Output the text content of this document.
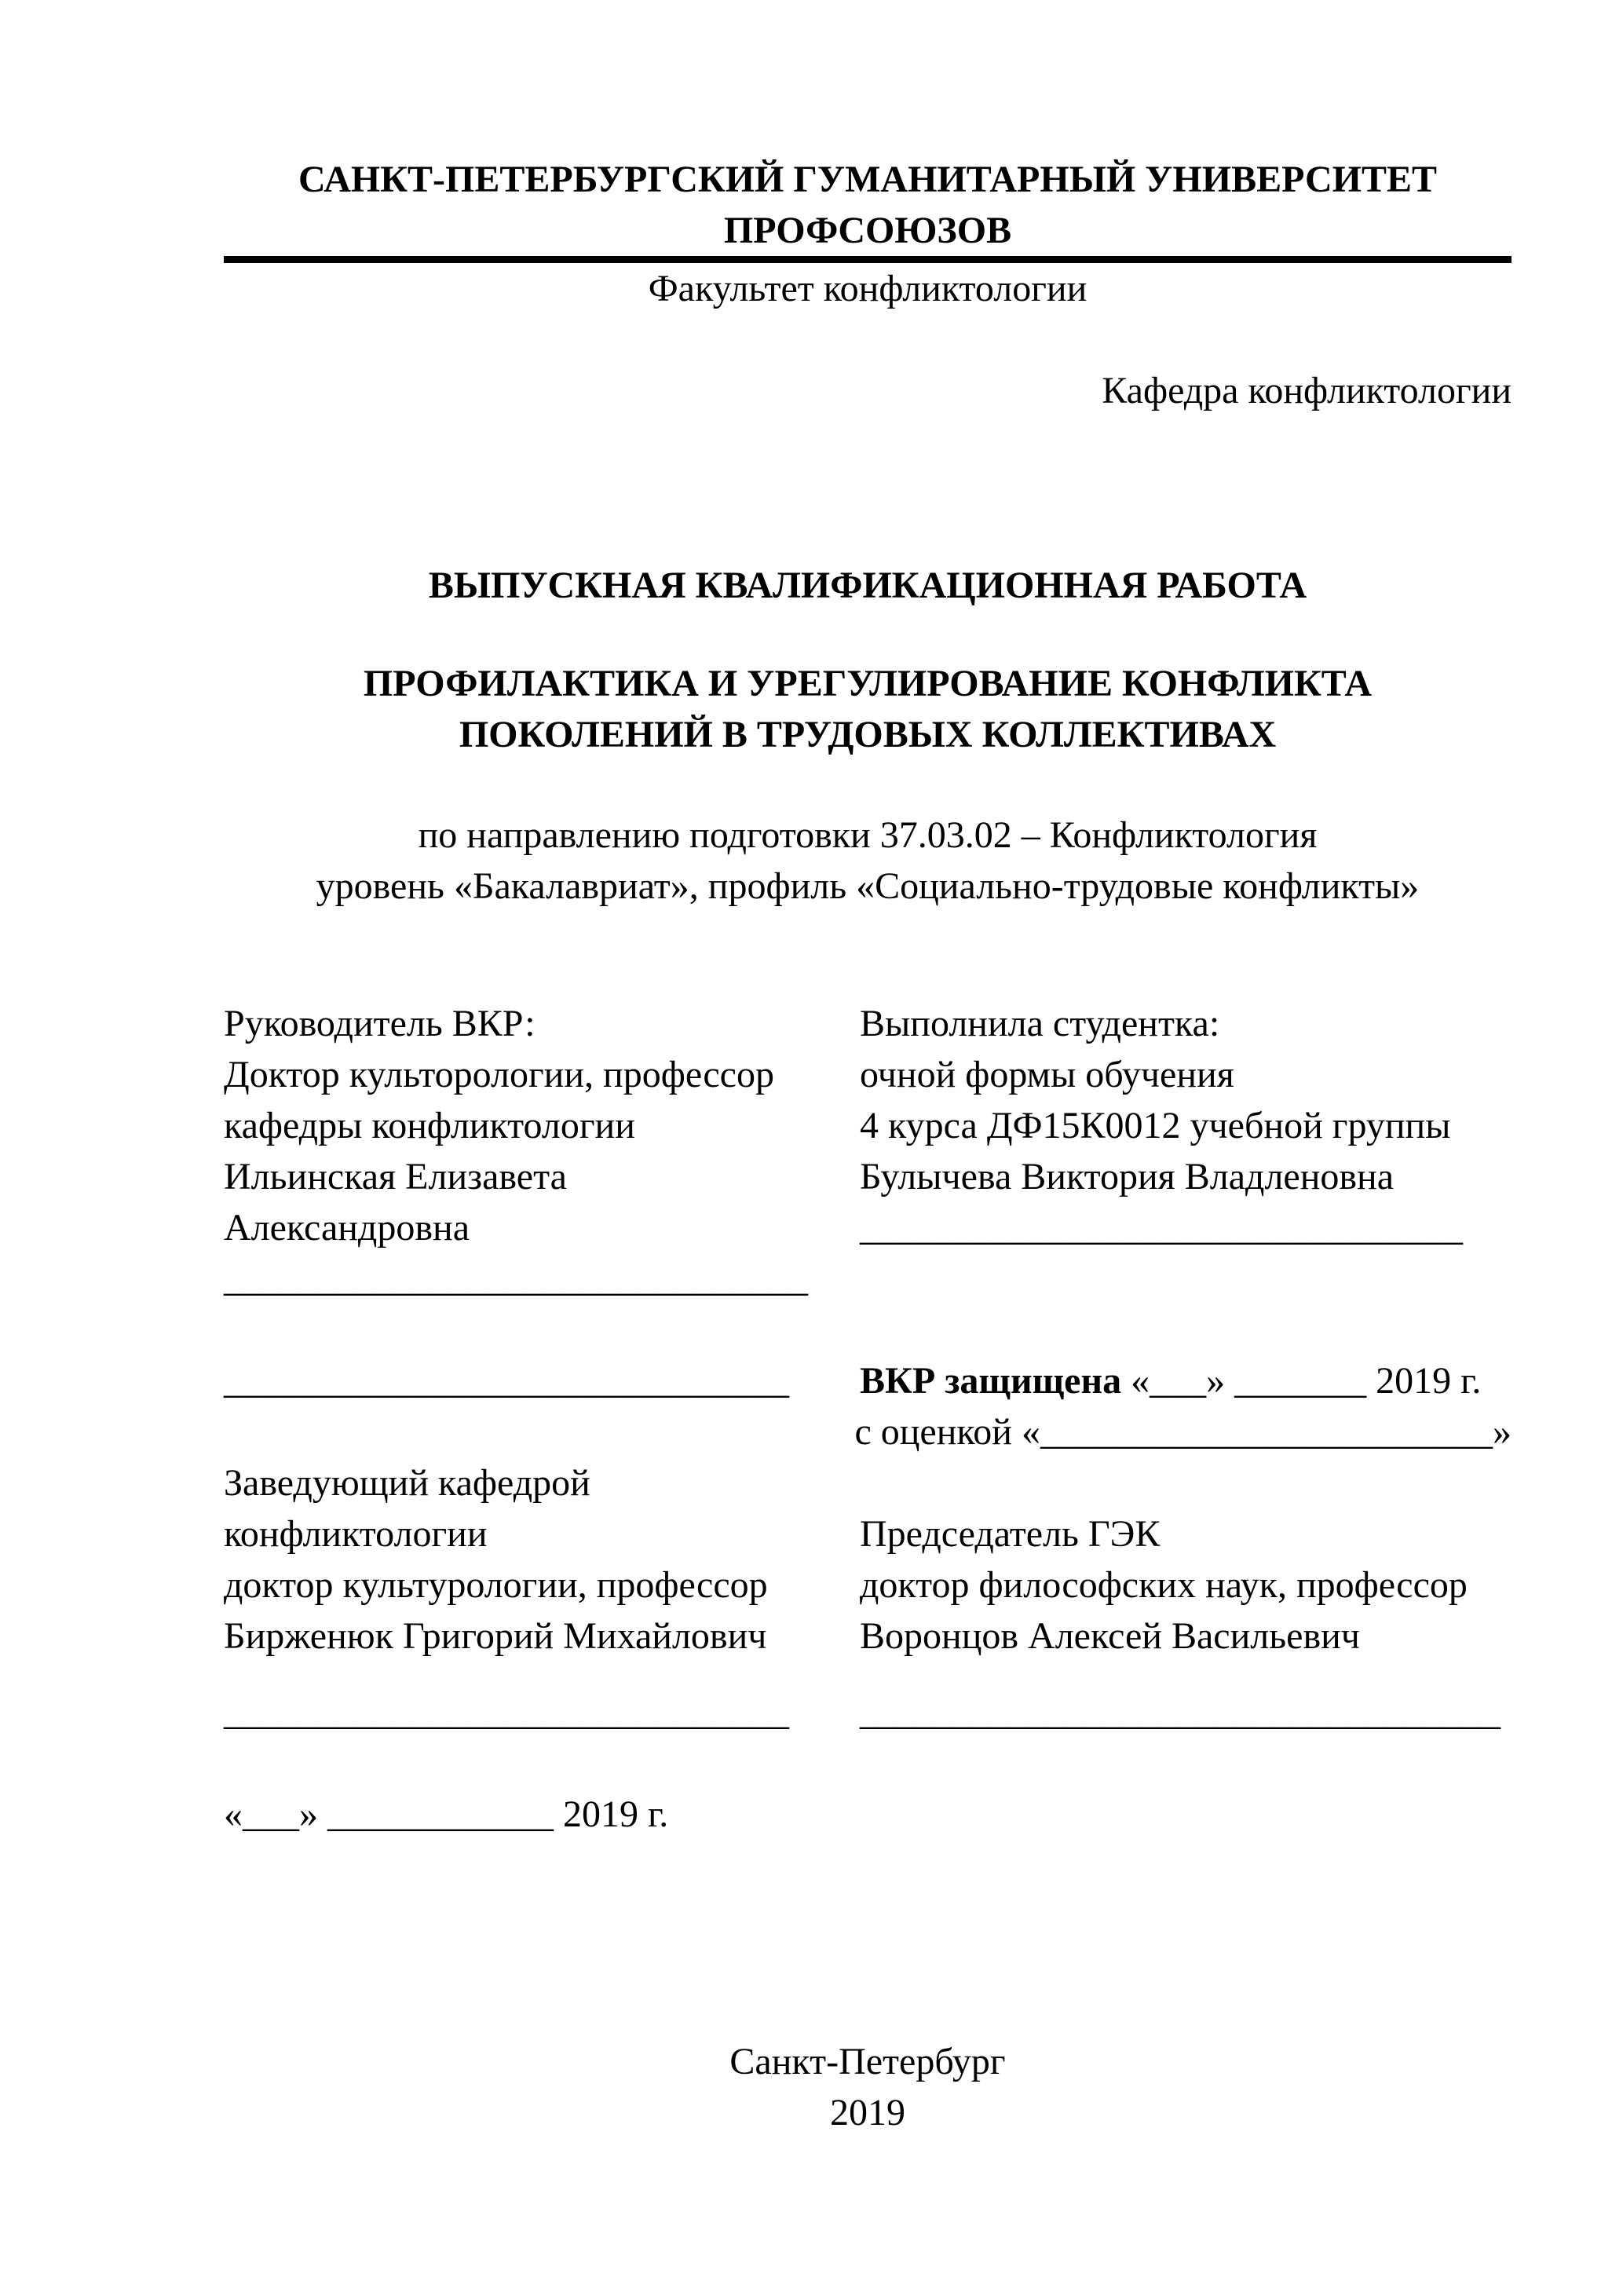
САНКТ-ПЕТЕРБУРГСКИЙ ГУМАНИТАРНЫЙ УНИВЕРСИТЕТ
ПРОФСОЮЗОВ
Факультет конфликтологии
Кафедра конфликтологии
ВЫПУСКНАЯ КВАЛИФИКАЦИОННАЯ РАБОТА
ПРОФИЛАКТИКА И УРЕГУЛИРОВАНИЕ КОНФЛИКТА
ПОКОЛЕНИЙ В ТРУДОВЫХ КОЛЛЕКТИВАХ
по направлению подготовки 37.03.02 – Конфликтология
уровень «Бакалавриат», профиль «Социально-трудовые конфликты»
Руководитель ВКР:	Выполнила студентка:
Доктор культорологии, профессор	очной формы обучения
кафедры конфликтологии	4 курса ДФ15К0012 учебной группы
Ильинская Елизавета	Булычева Виктория Владленовна
Александровна	________________________________
_______________________________
______________________________	ВКР защищена «___» _______ 2019 г.
с оценкой «________________________»
Заведующий кафедрой
конфликтологии	Председатель ГЭК
доктор культурологии, профессор	доктор философских наук, профессор
Бирженюк Григорий Михайлович	Воронцов Алексей Васильевич
______________________________	__________________________________
«___» ____________ 2019 г.
Санкт-Петербург
2019
